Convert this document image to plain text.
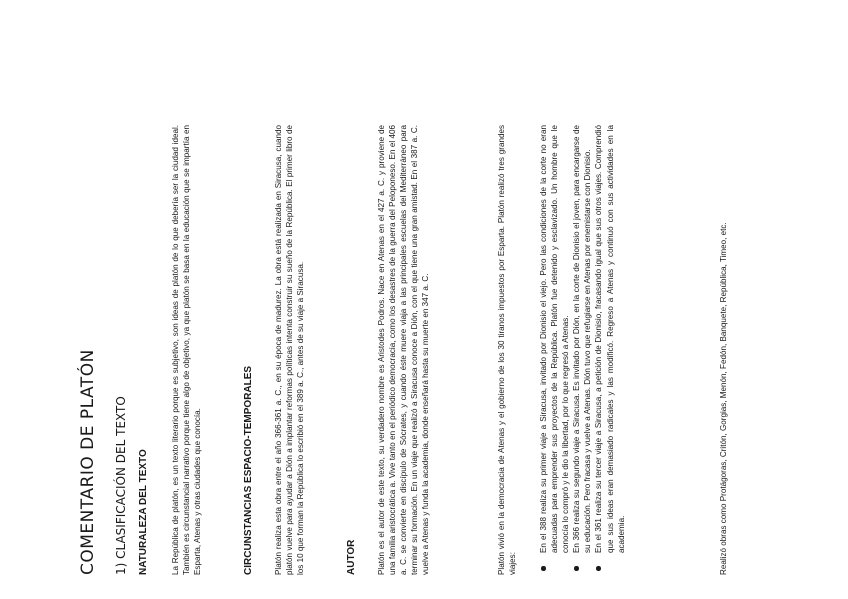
COMENTARIO DE PLATÓN 1) CLASIFICACIÓN DEL TEXTO NATURALEZA DEL TEXTO	La República de platón, es un texto literario porque es subjetivo, son ideas de platón de lo que debería ser la ciudad ideal. También es circunstancial narrativo porque tiene algo de objetivo, ya que platón se basa en la educación que se impartía en Esparta, Atenas y otras ciudades que conocía.	CIRCUNSTANCIAS ESPACIO-TEMPORALES Platón realiza esta obra entre el año 366-361 a. C., en su época de madurez. La obra está realizada en Siracusa, cuando platón vuelve para ayudar a Dión a implantar reformas políticas intenta construir su sueño de la República. El primer libro de los 10 que forman la República lo escribió en el 389 a. C., antes de su viaje a Siracusa.	AUTOR Platón es el autor de este texto, su verdadero nombre es Aristodes Podros. Nace en Atenas en el 427 a. C. y proviene de una familia aristocrática a. Vive tanto en el periódico democracia, como los desastres de la guerra del Peloponeso. En el 406 a. C. se convierte en discípulo de Sócrates, y cuando éste muere viaja a las principales escuelas del Mediterráneo para terminar su formación. En un viaje que realizó a Siracusa conoce a Dión, con el que tiene una gran amistad. En el 387 a. C. vuelve a Atenas y funda la academia, donde enseñará hasta su muerte en 347 a. C.	Platón vivió en la democracia de Atenas y el gobierno de los 30 tiranos impuestos por Esparta. Platón realizó tres grandes viajes:

En el 388 realiza su primer viaje a Siracusa, invitado por Dionisio el viejo. Pero las condiciones de la corte no eran adecuadas para emprender sus proyectos de la República. Platón fue detenido y esclavizado. Un hombre que le conocía lo compró y le dio la libertad, por lo que regresó a Atenas. En 366 realiza su segundo viaje a Siracusa. Es invitado por Dión, en la corte de Dionisio el joven, para encargarse de su educación. Pero fracasa y vuelve a Atenas. Dión tuvo que refugiarse en Atenas por enemistarse con Dionisio. En el 361 realiza su tercer viaje a Siracusa, a petición de Dionisio, fracasando igual que sus otros viajes. Comprendió que sus ideas eran demasiado radicales y las modificó. Regreso a Atenas y continuó con sus actividades en la academia.	Realizó obras como Protágoras, Critón, Gorgias, Menón, Fedón, Banquete, República, Timeo, etc.
